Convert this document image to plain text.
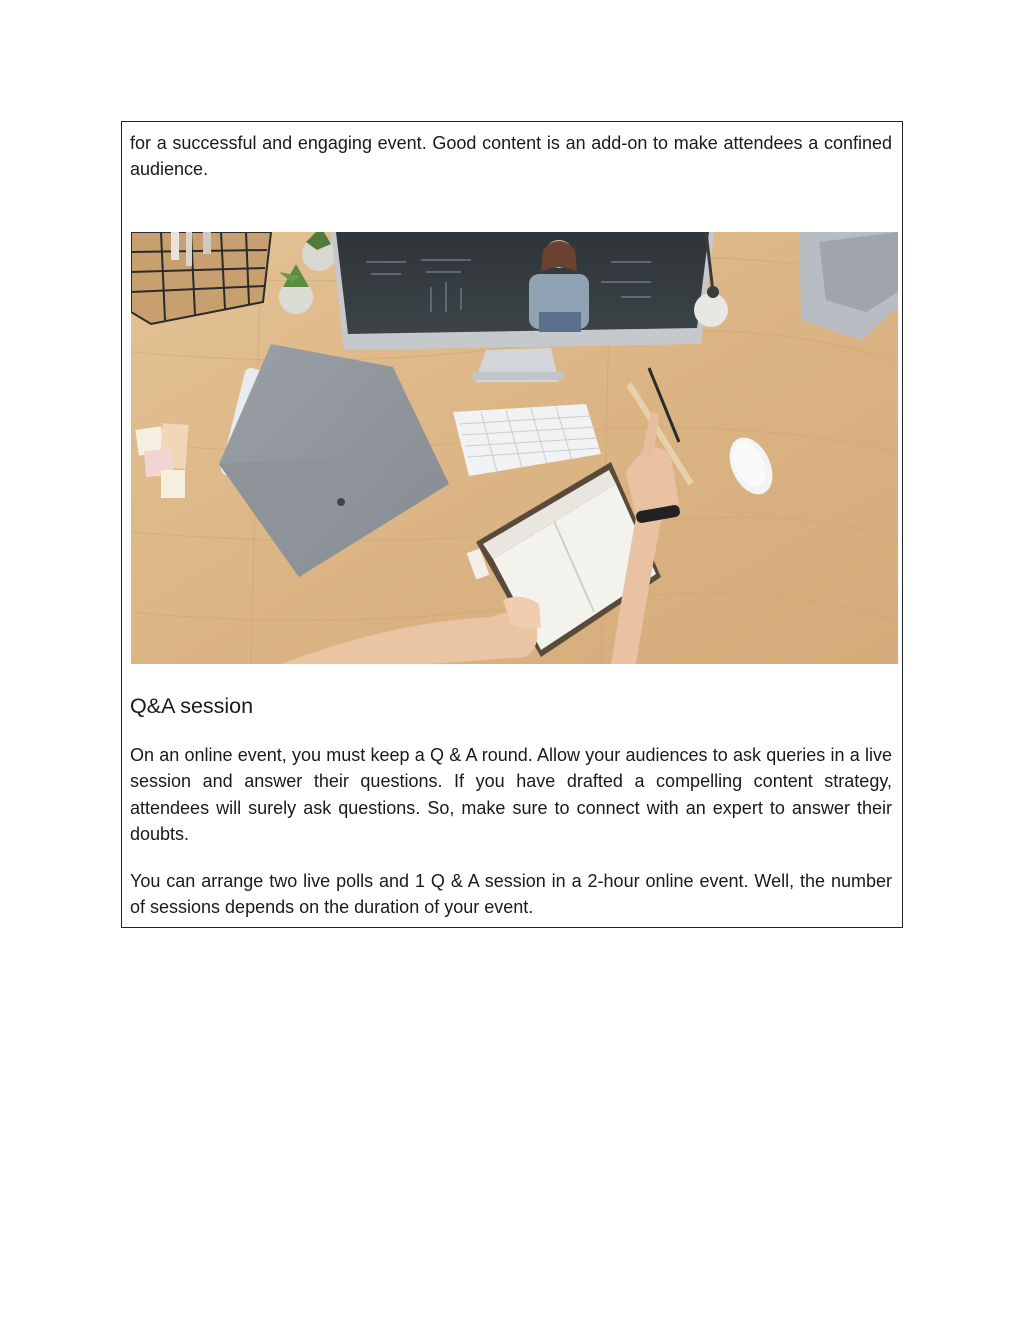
for a successful and engaging event. Good content is an add-on to make attendees a confined audience.

Q&A session

On an online event, you must keep a Q & A round. Allow your audiences to ask queries in a live session and answer their questions. If you have drafted a compelling content strategy, attendees will surely ask questions. So, make sure to connect with an expert to answer their doubts.

You can arrange two live polls and 1 Q & A session in a 2-hour online event. Well, the number of sessions depends on the duration of your event.
